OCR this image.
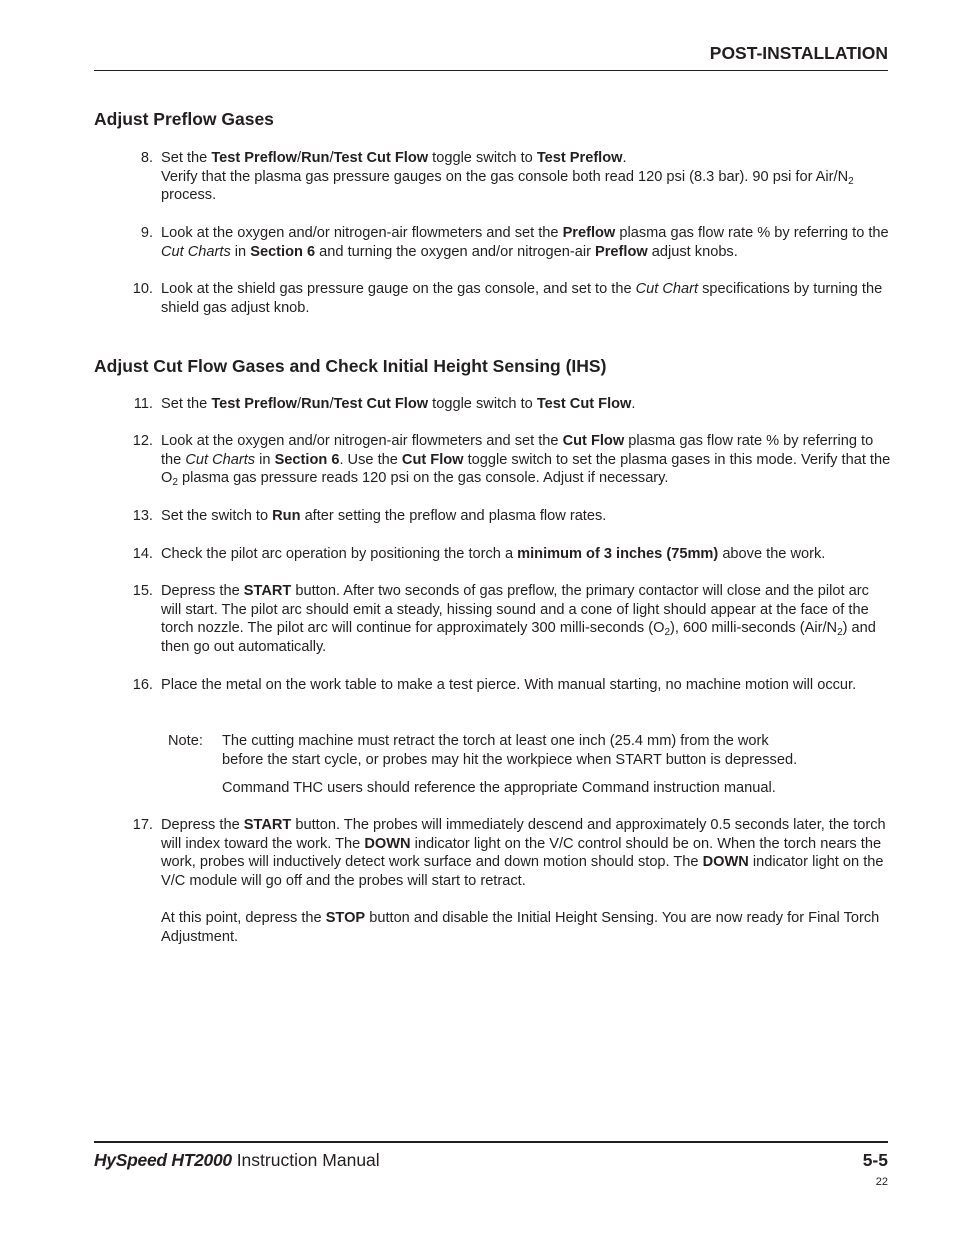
POST-INSTALLATION
Adjust Preflow Gases
8. Set the Test Preflow/Run/Test Cut Flow toggle switch to Test Preflow.
Verify that the plasma gas pressure gauges on the gas console both read 120 psi (8.3 bar). 90 psi for Air/$N_2$ process.
9. Look at the oxygen and/or nitrogen-air flowmeters and set the Preflow plasma gas flow rate % by referring to the Cut Charts in Section 6 and turning the oxygen and/or nitrogen-air Preflow adjust knobs.
10. Look at the shield gas pressure gauge on the gas console, and set to the Cut Chart specifications by turning the shield gas adjust knob.
Adjust Cut Flow Gases and Check Initial Height Sensing (IHS)
11. Set the Test Preflow/Run/Test Cut Flow toggle switch to Test Cut Flow.
12. Look at the oxygen and/or nitrogen-air flowmeters and set the Cut Flow plasma gas flow rate % by referring to the Cut Charts in Section 6. Use the Cut Flow toggle switch to set the plasma gases in this mode. Verify that the $O_2$ plasma gas pressure reads 120 psi on the gas console. Adjust if necessary.
13. Set the switch to Run after setting the preflow and plasma flow rates.
14. Check the pilot arc operation by positioning the torch a minimum of 3 inches (75mm) above the work.
15. Depress the START button. After two seconds of gas preflow, the primary contactor will close and the pilot arc will start. The pilot arc should emit a steady, hissing sound and a cone of light should appear at the face of the torch nozzle. The pilot arc will continue for approximately 300 milli-seconds $(O_2)$, 600 milli-seconds $(Air/N_2)$ and then go out automatically.
16. Place the metal on the work table to make a test pierce. With manual starting, no machine motion will occur.
Note: The cutting machine must retract the torch at least one inch (25.4 mm) from the work
before the start cycle, or probes may hit the workpiece when START button is depressed.
Command THC users should reference the appropriate Command instruction manual.
17. Depress the START button. The probes will immediately descend and approximately 0.5 seconds later, the torch will index toward the work. The DOWN indicator light on the V/C control should be on. When the torch nears the work, probes will inductively detect work surface and down motion should stop. The DOWN indicator light on the V/C module will go off and the probes will start to retract.
At this point, depress the STOP button and disable the Initial Height Sensing. You are now ready for Final Torch Adjustment.
HySpeed HT2000 Instruction Manual	5-5
22
